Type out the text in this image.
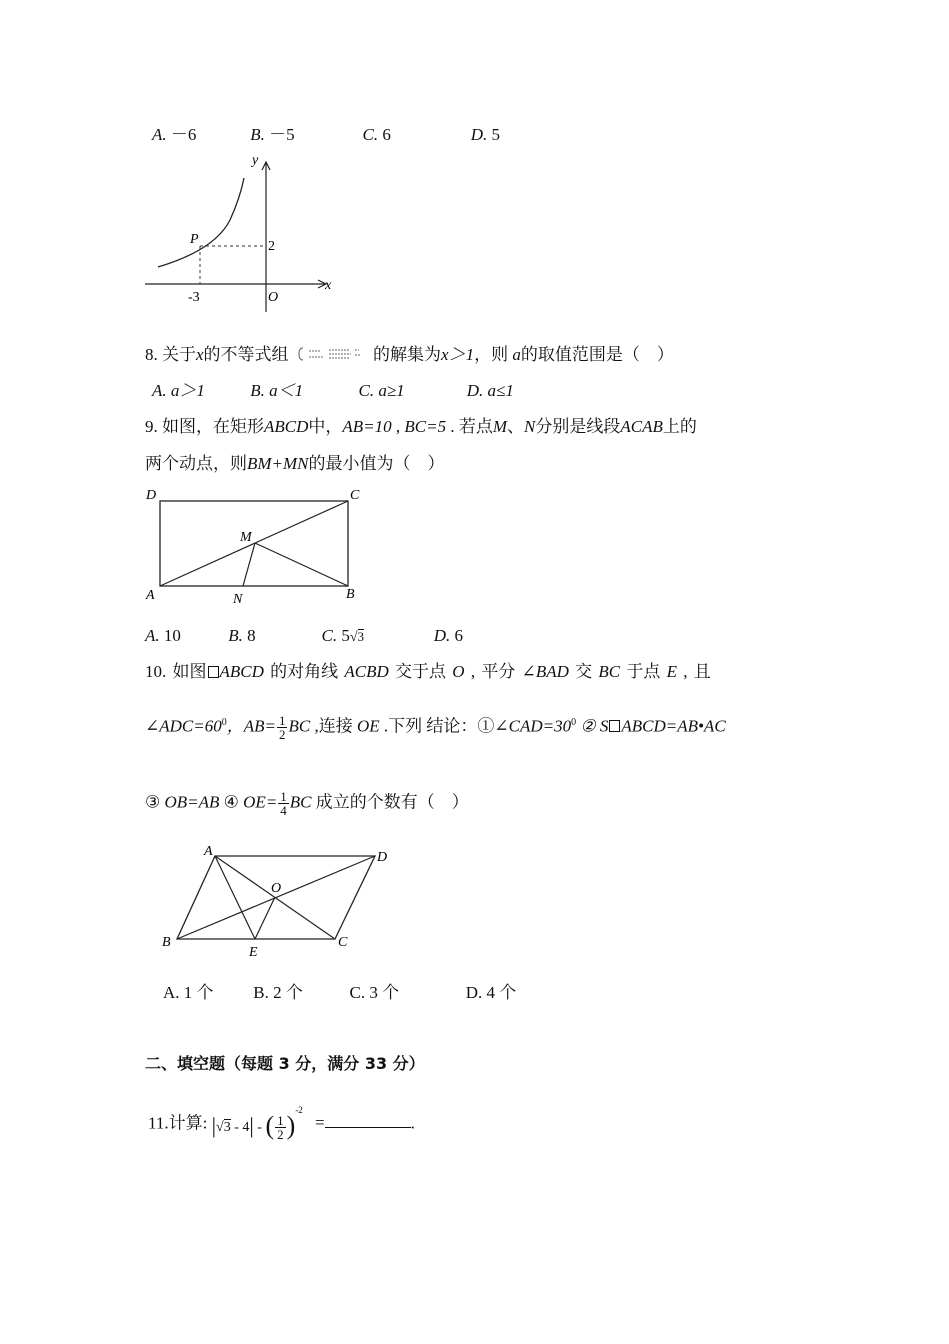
A. －6	B. －5	C. 6	D. 5
P	2
-3	O
x
y
8. 关于x的不等式组	的解集为x＞1，则 a的取值范围是（　）
A. a＞1	B. a＜1	C. a≥1	D. a≤1
9. 如图，在矩形ABCD中，AB=10 , BC=5 . 若点M、N分别是线段ACAB上的
两个动点，则BM+MN的最小值为（　）
D	C
A	B
M
N
A. 10	B. 8	C. 5√3	D. 6
10. 如图 ABCD 的对角线 ACBD 交于点 O , 平分 ∠BAD 交 BC 于点 E , 且
$\angle ADC=60^0$，$AB= \frac{1}{2}$ BC ,连接 OE .下列 结论：$①\angle CAD=30^0$ ② S ABCD=AB•AC
③ OB=AB ④ $OE= \frac{1}{4}$ BC 成立的个数有（　）
A	D
B	C
O
E
A. 1 个 B. 2 个	C. 3 个	D. 4 个
二、填空题（每题 3 分，满分 33 分）
11.计算: |√3 - 4| - ( $\frac{1}{2} )^{-2}$ =	.
